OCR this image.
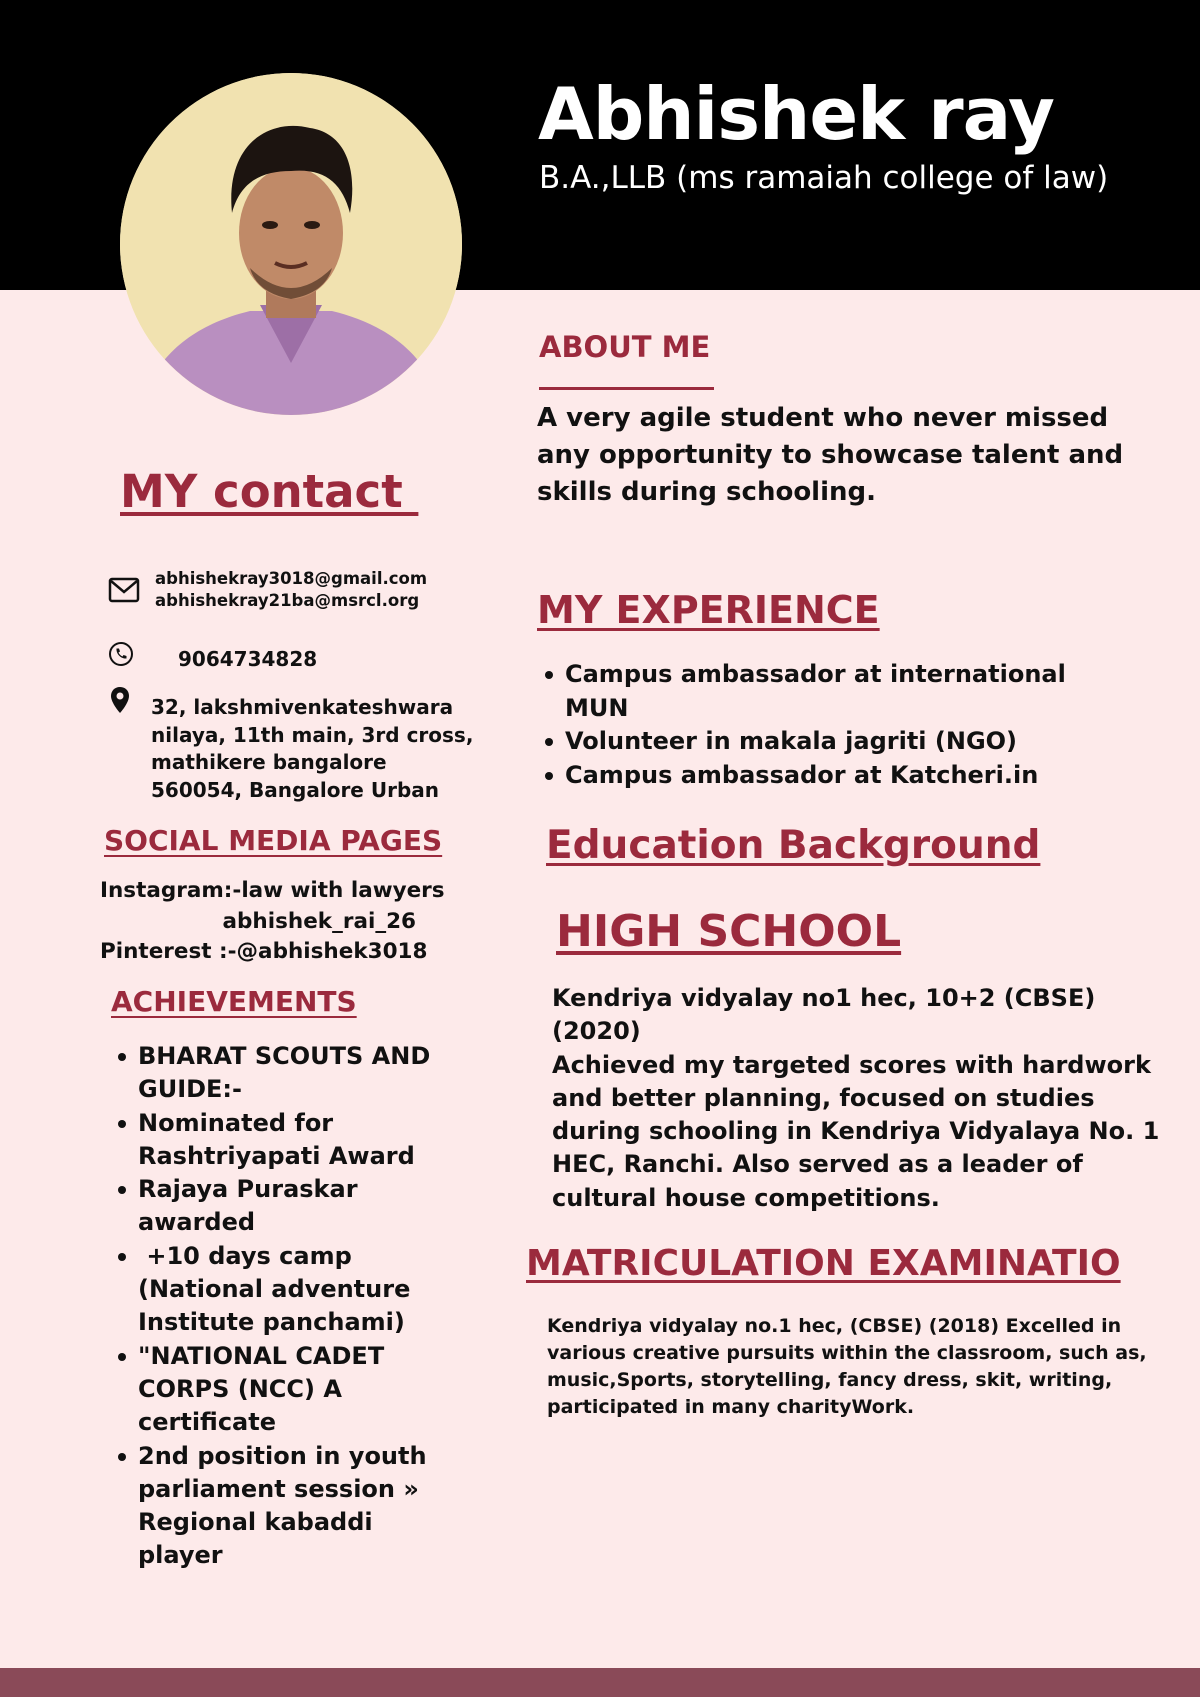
Abhishek ray
B.A.,LLB (ms ramaiah college of law)
ABOUT ME
A very agile student who never missed any opportunity to showcase talent and skills during schooling.
MY contact
abhishekray3018@gmail.com
abhishekray21ba@msrcl.org
9064734828
32, lakshmivenkateshwara nilaya, 11th main, 3rd cross, mathikere bangalore 560054, Bangalore Urban
SOCIAL MEDIA PAGES
Instagram:-law with lawyers
abhishek_rai_26
Pinterest :-@abhishek3018
ACHIEVEMENTS
BHARAT SCOUTS AND GUIDE:-
Nominated for Rashtriyapati Award
Rajaya Puraskar awarded
+10 days camp (National adventure Institute panchami)
"NATIONAL CADET CORPS (NCC) A certificate
2nd position in youth parliament session » Regional kabaddi player
MY EXPERIENCE
Campus ambassador at international MUN
Volunteer in makala jagriti (NGO)
Campus ambassador at Katcheri.in
Education Background
HIGH SCHOOL
Kendriya vidyalay no1 hec, 10+2 (CBSE) (2020)
Achieved my targeted scores with hardwork and better planning, focused on studies during schooling in Kendriya Vidyalaya No. 1 HEC, Ranchi. Also served as a leader of cultural house competitions.
MATRICULATION EXAMINATIO
Kendriya vidyalay no.1 hec, (CBSE) (2018) Excelled in various creative pursuits within the classroom, such as, music,Sports, storytelling, fancy dress, skit, writing, participated in many charityWork.
